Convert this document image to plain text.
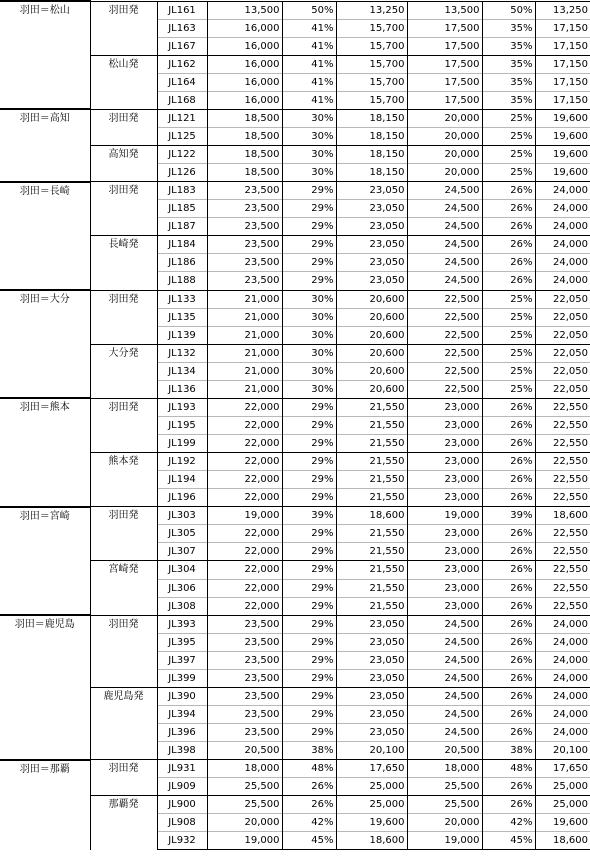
羽田＝松山	羽田発	JL161	13,500	50%	13,250	13,500	50%	13,250
		JL163	16,000	41%	15,700	17,500	35%	17,150
		JL167	16,000	41%	15,700	17,500	35%	17,150
	松山発	JL162	16,000	41%	15,700	17,500	35%	17,150
		JL164	16,000	41%	15,700	17,500	35%	17,150
		JL168	16,000	41%	15,700	17,500	35%	17,150
羽田＝高知	羽田発	JL121	18,500	30%	18,150	20,000	25%	19,600
		JL125	18,500	30%	18,150	20,000	25%	19,600
	高知発	JL122	18,500	30%	18,150	20,000	25%	19,600
		JL126	18,500	30%	18,150	20,000	25%	19,600
羽田＝長崎	羽田発	JL183	23,500	29%	23,050	24,500	26%	24,000
		JL185	23,500	29%	23,050	24,500	26%	24,000
		JL187	23,500	29%	23,050	24,500	26%	24,000
	長崎発	JL184	23,500	29%	23,050	24,500	26%	24,000
		JL186	23,500	29%	23,050	24,500	26%	24,000
		JL188	23,500	29%	23,050	24,500	26%	24,000
羽田＝大分	羽田発	JL133	21,000	30%	20,600	22,500	25%	22,050
		JL135	21,000	30%	20,600	22,500	25%	22,050
		JL139	21,000	30%	20,600	22,500	25%	22,050
	大分発	JL132	21,000	30%	20,600	22,500	25%	22,050
		JL134	21,000	30%	20,600	22,500	25%	22,050
		JL136	21,000	30%	20,600	22,500	25%	22,050
羽田＝熊本	羽田発	JL193	22,000	29%	21,550	23,000	26%	22,550
		JL195	22,000	29%	21,550	23,000	26%	22,550
		JL199	22,000	29%	21,550	23,000	26%	22,550
	熊本発	JL192	22,000	29%	21,550	23,000	26%	22,550
		JL194	22,000	29%	21,550	23,000	26%	22,550
		JL196	22,000	29%	21,550	23,000	26%	22,550
羽田＝宮崎	羽田発	JL303	19,000	39%	18,600	19,000	39%	18,600
		JL305	22,000	29%	21,550	23,000	26%	22,550
		JL307	22,000	29%	21,550	23,000	26%	22,550
	宮崎発	JL304	22,000	29%	21,550	23,000	26%	22,550
		JL306	22,000	29%	21,550	23,000	26%	22,550
		JL308	22,000	29%	21,550	23,000	26%	22,550
羽田＝鹿児島	羽田発	JL393	23,500	29%	23,050	24,500	26%	24,000
		JL395	23,500	29%	23,050	24,500	26%	24,000
		JL397	23,500	29%	23,050	24,500	26%	24,000
		JL399	23,500	29%	23,050	24,500	26%	24,000
	鹿児島発	JL390	23,500	29%	23,050	24,500	26%	24,000
		JL394	23,500	29%	23,050	24,500	26%	24,000
		JL396	23,500	29%	23,050	24,500	26%	24,000
		JL398	20,500	38%	20,100	20,500	38%	20,100
羽田＝那覇	羽田発	JL931	18,000	48%	17,650	18,000	48%	17,650
		JL909	25,500	26%	25,000	25,500	26%	25,000
	那覇発	JL900	25,500	26%	25,000	25,500	26%	25,000
		JL908	20,000	42%	19,600	20,000	42%	19,600
		JL932	19,000	45%	18,600	19,000	45%	18,600
